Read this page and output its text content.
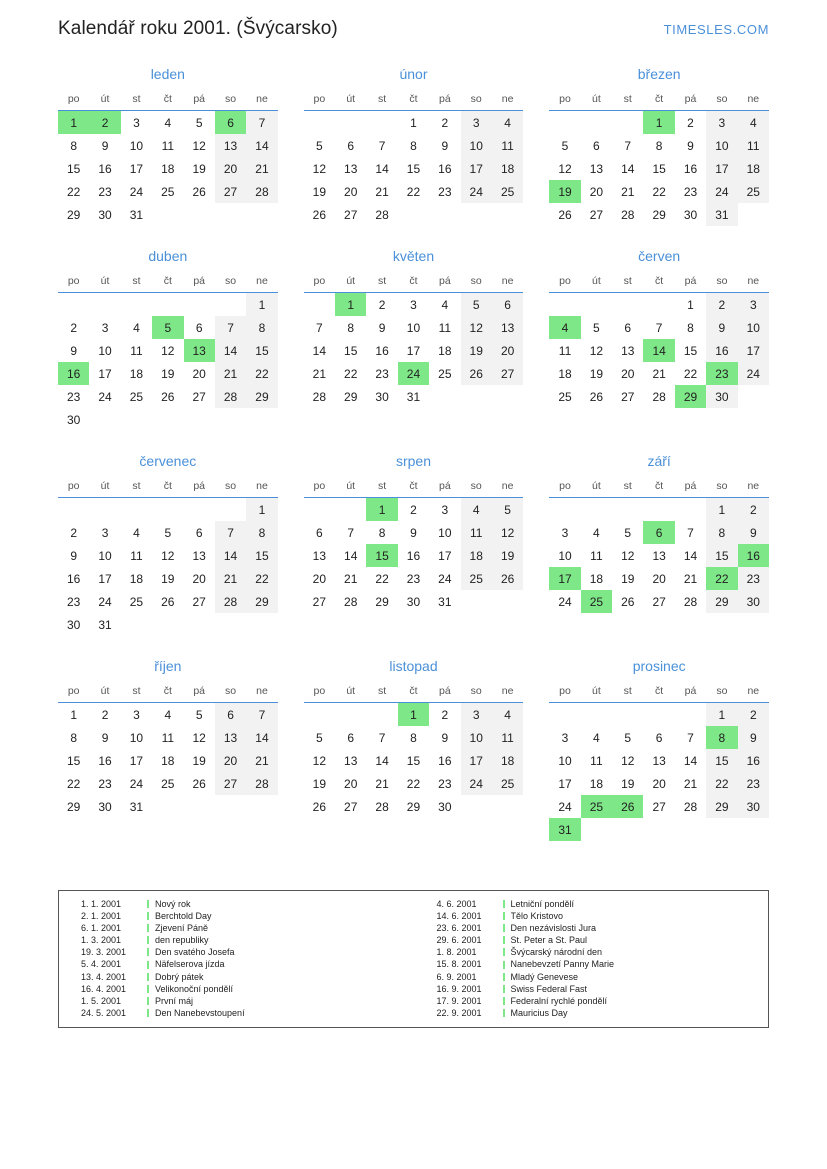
Kalendář roku 2001. (Švýcarsko)	TIMESLES.COM
leden
po	út	st	čt	pá	so	ne
1	2	3	4	5	6	7
8	9	10	11	12	13	14
15	16	17	18	19	20	21
22	23	24	25	26	27	28
29	30	31				
únor
po	út	st	čt	pá	so	ne
			1	2	3	4
5	6	7	8	9	10	11
12	13	14	15	16	17	18
19	20	21	22	23	24	25
26	27	28				
březen
po	út	st	čt	pá	so	ne
			1	2	3	4
5	6	7	8	9	10	11
12	13	14	15	16	17	18
19	20	21	22	23	24	25
26	27	28	29	30	31	
duben
po	út	st	čt	pá	so	ne
						1
2	3	4	5	6	7	8
9	10	11	12	13	14	15
16	17	18	19	20	21	22
23	24	25	26	27	28	29
30						
květen
po	út	st	čt	pá	so	ne
	1	2	3	4	5	6
7	8	9	10	11	12	13
14	15	16	17	18	19	20
21	22	23	24	25	26	27
28	29	30	31			
červen
po	út	st	čt	pá	so	ne
				1	2	3
4	5	6	7	8	9	10
11	12	13	14	15	16	17
18	19	20	21	22	23	24
25	26	27	28	29	30	
červenec
po	út	st	čt	pá	so	ne
						1
2	3	4	5	6	7	8
9	10	11	12	13	14	15
16	17	18	19	20	21	22
23	24	25	26	27	28	29
30	31					
srpen
po	út	st	čt	pá	so	ne
		1	2	3	4	5
6	7	8	9	10	11	12
13	14	15	16	17	18	19
20	21	22	23	24	25	26
27	28	29	30	31		
září
po	út	st	čt	pá	so	ne
					1	2
3	4	5	6	7	8	9
10	11	12	13	14	15	16
17	18	19	20	21	22	23
24	25	26	27	28	29	30
říjen
po	út	st	čt	pá	so	ne
1	2	3	4	5	6	7
8	9	10	11	12	13	14
15	16	17	18	19	20	21
22	23	24	25	26	27	28
29	30	31				
listopad
po	út	st	čt	pá	so	ne
			1	2	3	4
5	6	7	8	9	10	11
12	13	14	15	16	17	18
19	20	21	22	23	24	25
26	27	28	29	30		
prosinec
po	út	st	čt	pá	so	ne
					1	2
3	4	5	6	7	8	9
10	11	12	13	14	15	16
17	18	19	20	21	22	23
24	25	26	27	28	29	30
31						
1. 1. 2001	Nový rok
2. 1. 2001	Berchtold Day
6. 1. 2001	Zjevení Páně
1. 3. 2001	den republiky
19. 3. 2001	Den svatého Josefa
5. 4. 2001	Näfelserova jízda
13. 4. 2001	Dobrý pátek
16. 4. 2001	Velikonoční pondělí
1. 5. 2001	První máj
24. 5. 2001	Den Nanebevstoupení
4. 6. 2001	Letniční pondělí
14. 6. 2001	Tělo Kristovo
23. 6. 2001	Den nezávislosti Jura
29. 6. 2001	St. Peter a St. Paul
1. 8. 2001	Švýcarský národní den
15. 8. 2001	Nanebevzetí Panny Marie
6. 9. 2001	Mladý Genevese
16. 9. 2001	Swiss Federal Fast
17. 9. 2001	Federalní rychlé pondělí
22. 9. 2001	Mauricius Day
